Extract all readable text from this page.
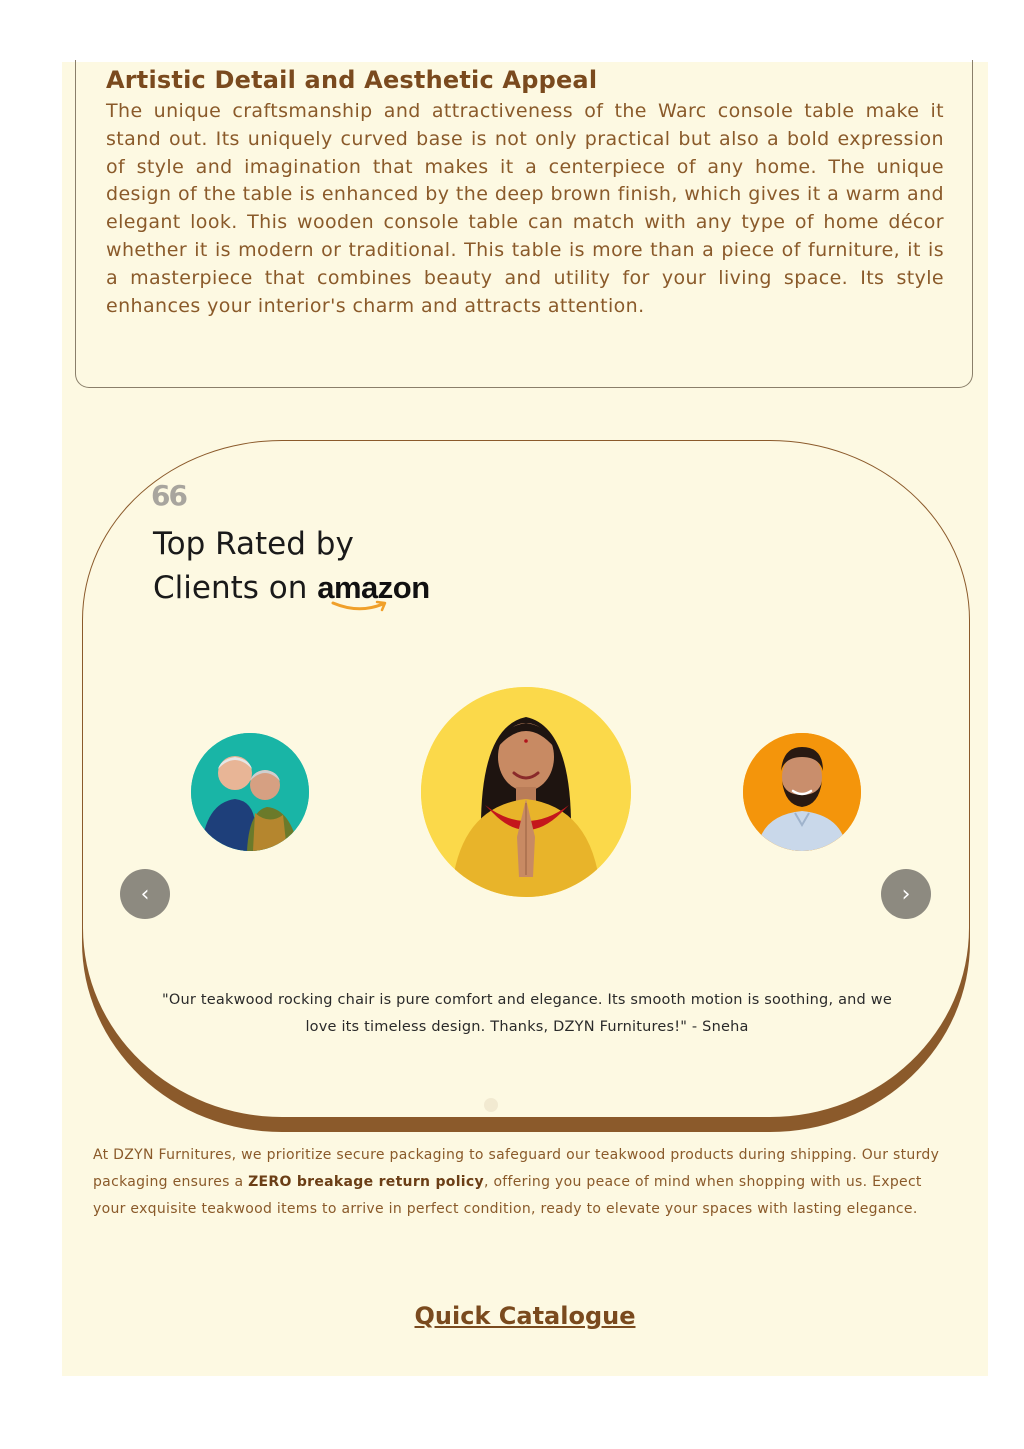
Artistic Detail and Aesthetic Appeal

The unique craftsmanship and attractiveness of the Warc console table make it stand out. Its uniquely curved base is not only practical but also a bold expression of style and imagination that makes it a centerpiece of any home. The unique design of the table is enhanced by the deep brown finish, which gives it a warm and elegant look. This wooden console table can match with any type of home décor whether it is modern or traditional. This table is more than a piece of furniture, it is a masterpiece that combines beauty and utility for your living space. Its style enhances your interior's charm and attracts attention.

66
Top Rated by
Clients on amazon
‹	›

"Our teakwood rocking chair is pure comfort and elegance. Its smooth motion is soothing, and we love its timeless design. Thanks, DZYN Furnitures!" - Sneha

At DZYN Furnitures, we prioritize secure packaging to safeguard our teakwood products during shipping. Our sturdy packaging ensures a ZERO breakage return policy, offering you peace of mind when shopping with us. Expect your exquisite teakwood items to arrive in perfect condition, ready to elevate your spaces with lasting elegance.

Quick Catalogue
